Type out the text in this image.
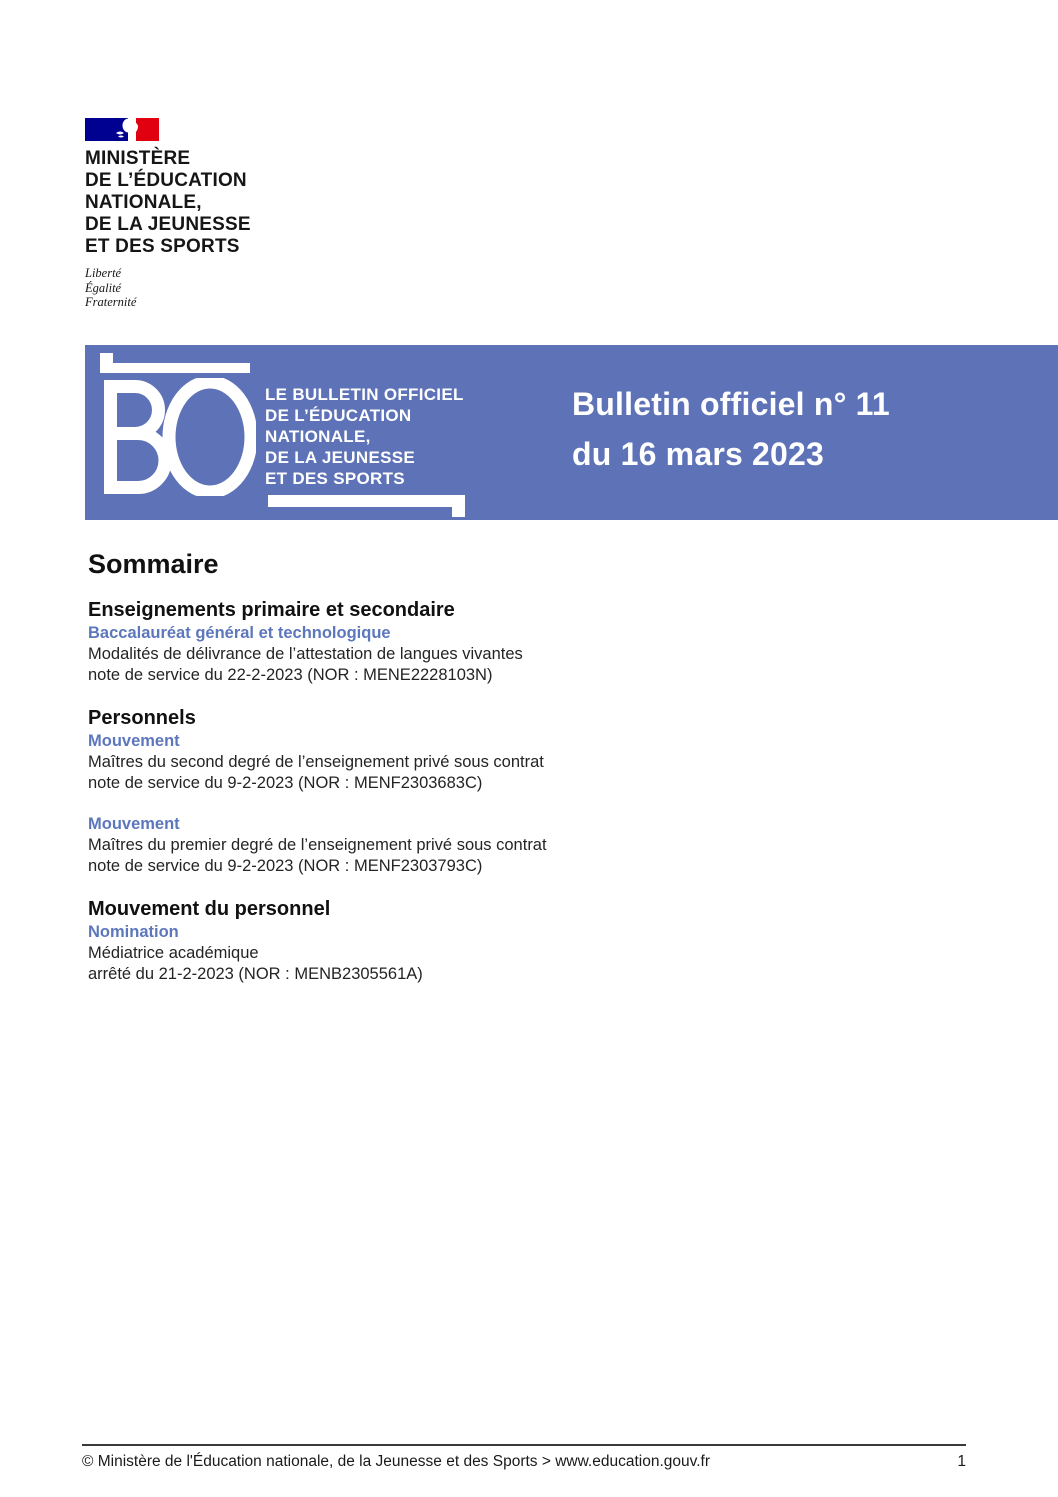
MINISTÈRE
DE L’ÉDUCATION
NATIONALE,
DE LA JEUNESSE
ET DES SPORTS
Liberté
Égalité
Fraternité
LE BULLETIN OFFICIEL
DE L’ÉDUCATION
NATIONALE,
DE LA JEUNESSE
ET DES SPORTS
Bulletin officiel n° 11
du 16 mars 2023
Sommaire
Enseignements primaire et secondaire
Baccalauréat général et technologique
Modalités de délivrance de l’attestation de langues vivantes
note de service du 22-2-2023 (NOR : MENE2228103N)
Personnels
Mouvement
Maîtres du second degré de l’enseignement privé sous contrat
note de service du 9-2-2023 (NOR : MENF2303683C)
Mouvement
Maîtres du premier degré de l’enseignement privé sous contrat
note de service du 9-2-2023 (NOR : MENF2303793C)
Mouvement du personnel
Nomination
Médiatrice académique
arrêté du 21-2-2023 (NOR : MENB2305561A)
© Ministère de l'Éducation nationale, de la Jeunesse et des Sports > www.education.gouv.fr	1
